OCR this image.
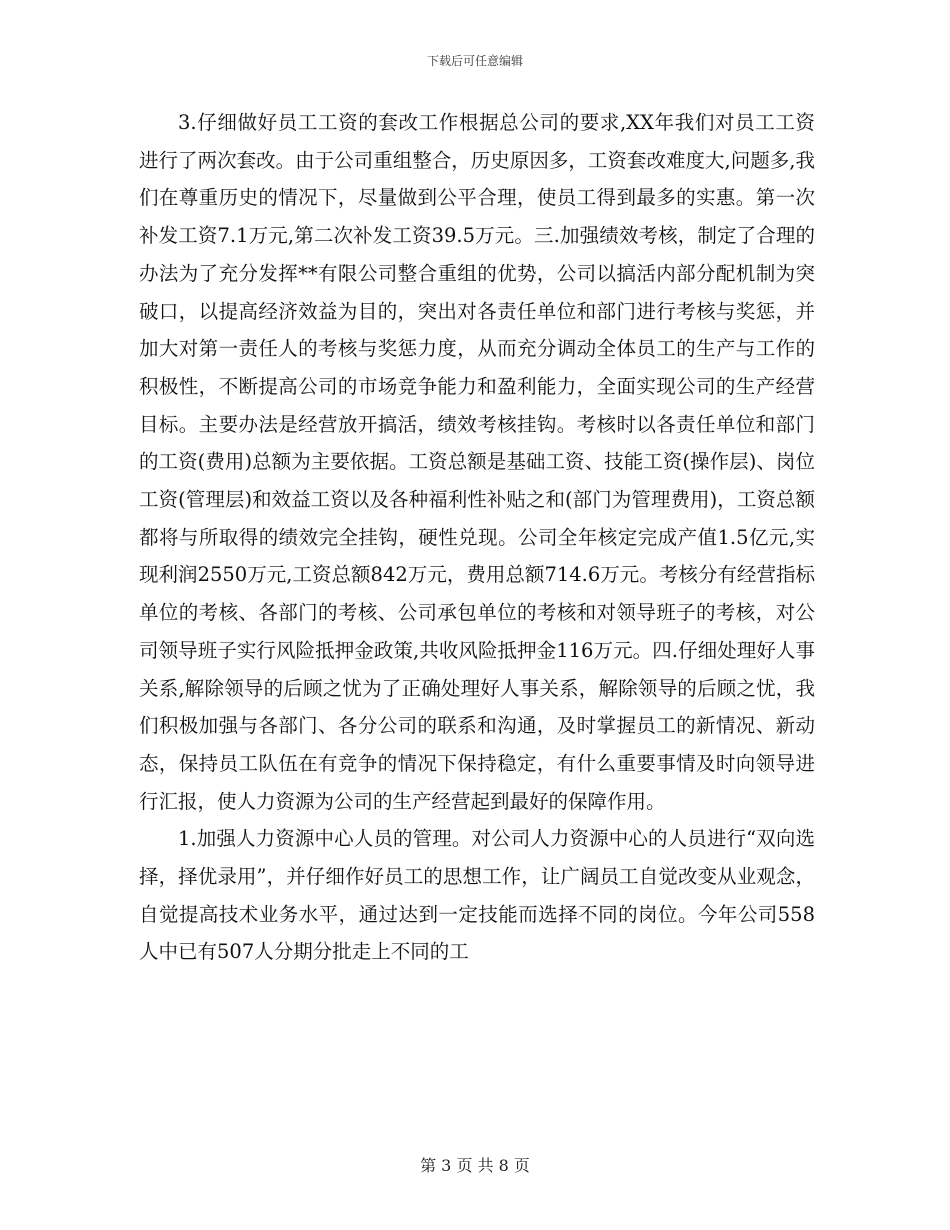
下载后可任意编辑

3.仔细做好员工工资的套改工作根据总公司的要求,XX年我们对员工工资进行了两次套改。由于公司重组整合，历史原因多，工资套改难度大,问题多,我们在尊重历史的情况下，尽量做到公平合理，使员工得到最多的实惠。第一次补发工资7.1万元,第二次补发工资39.5万元。三.加强绩效考核，制定了合理的办法为了充分发挥**有限公司整合重组的优势，公司以搞活内部分配机制为突破口，以提高经济效益为目的，突出对各责任单位和部门进行考核与奖惩，并加大对第一责任人的考核与奖惩力度，从而充分调动全体员工的生产与工作的积极性，不断提高公司的市场竞争能力和盈利能力，全面实现公司的生产经营目标。主要办法是经营放开搞活，绩效考核挂钩。考核时以各责任单位和部门的工资(费用)总额为主要依据。工资总额是基础工资、技能工资(操作层)、岗位工资(管理层)和效益工资以及各种福利性补贴之和(部门为管理费用)，工资总额都将与所取得的绩效完全挂钩，硬性兑现。公司全年核定完成产值1.5亿元,实现利润2550万元,工资总额842万元，费用总额714.6万元。考核分有经营指标单位的考核、各部门的考核、公司承包单位的考核和对领导班子的考核，对公司领导班子实行风险抵押金政策,共收风险抵押金116万元。四.仔细处理好人事关系,解除领导的后顾之忧为了正确处理好人事关系，解除领导的后顾之忧，我们积极加强与各部门、各分公司的联系和沟通，及时掌握员工的新情况、新动态，保持员工队伍在有竞争的情况下保持稳定，有什么重要事情及时向领导进行汇报，使人力资源为公司的生产经营起到最好的保障作用。

1.加强人力资源中心人员的管理。对公司人力资源中心的人员进行“双向选择，择优录用”，并仔细作好员工的思想工作，让广阔员工自觉改变从业观念，自觉提高技术业务水平，通过达到一定技能而选择不同的岗位。今年公司558人中已有507人分期分批走上不同的工

第 3 页 共 8 页
